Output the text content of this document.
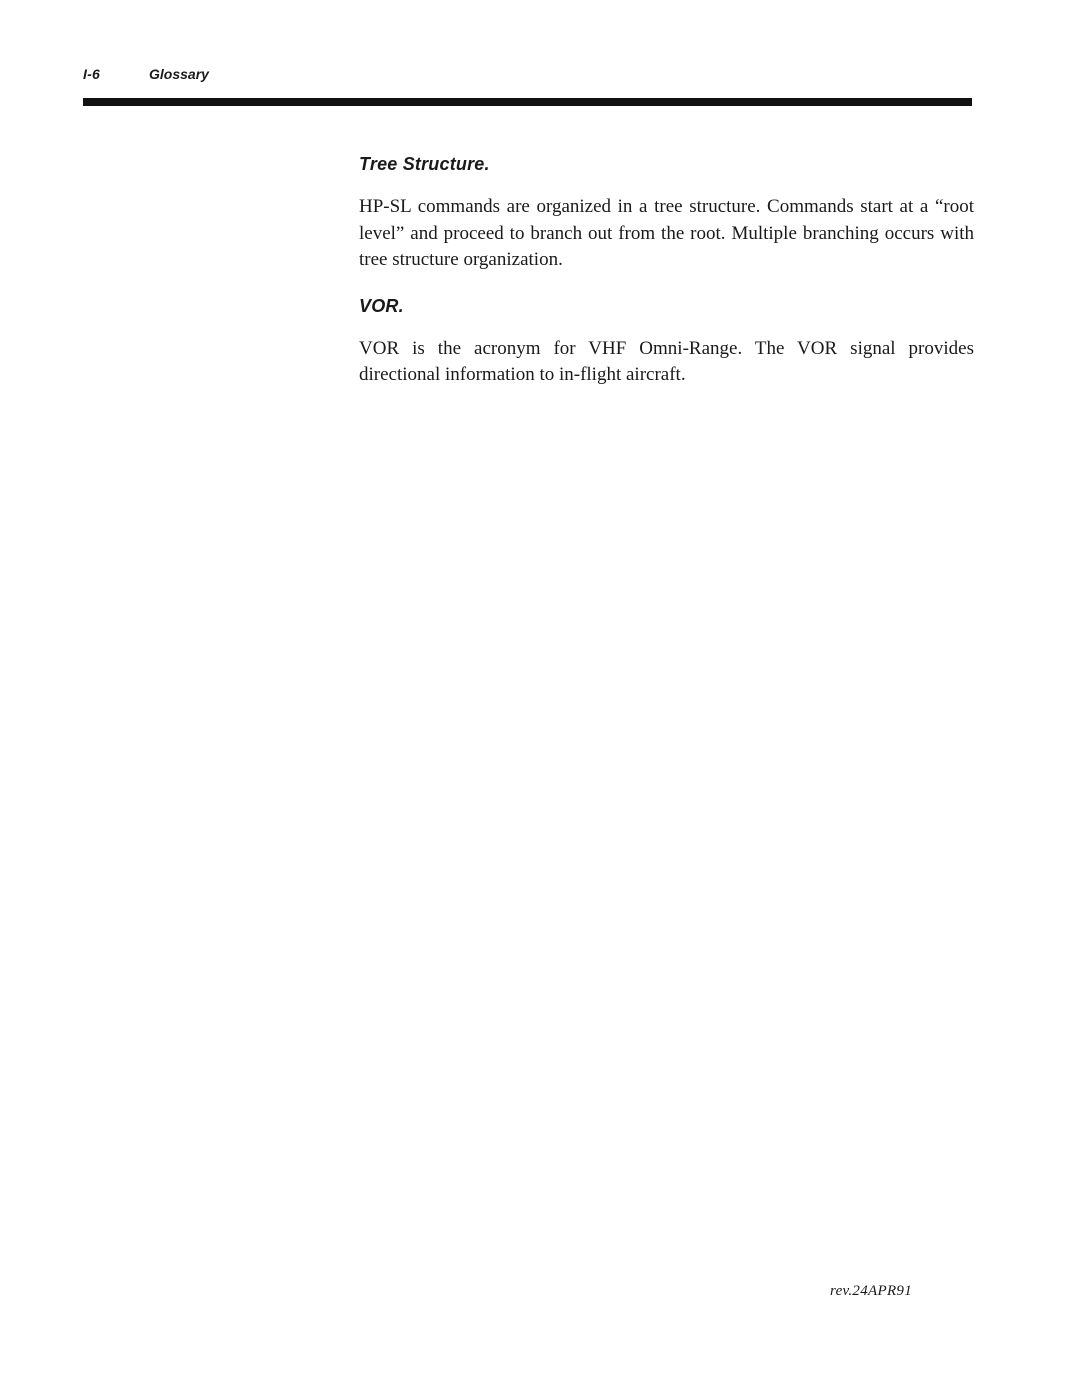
I-6	Glossary
Tree Structure.

HP-SL commands are organized in a tree structure. Commands start at a “root level” and proceed to branch out from the root. Multiple branching occurs with tree structure organization.

VOR.

VOR is the acronym for VHF Omni-Range. The VOR signal provides directional information to in-flight aircraft.

rev.24APR91
